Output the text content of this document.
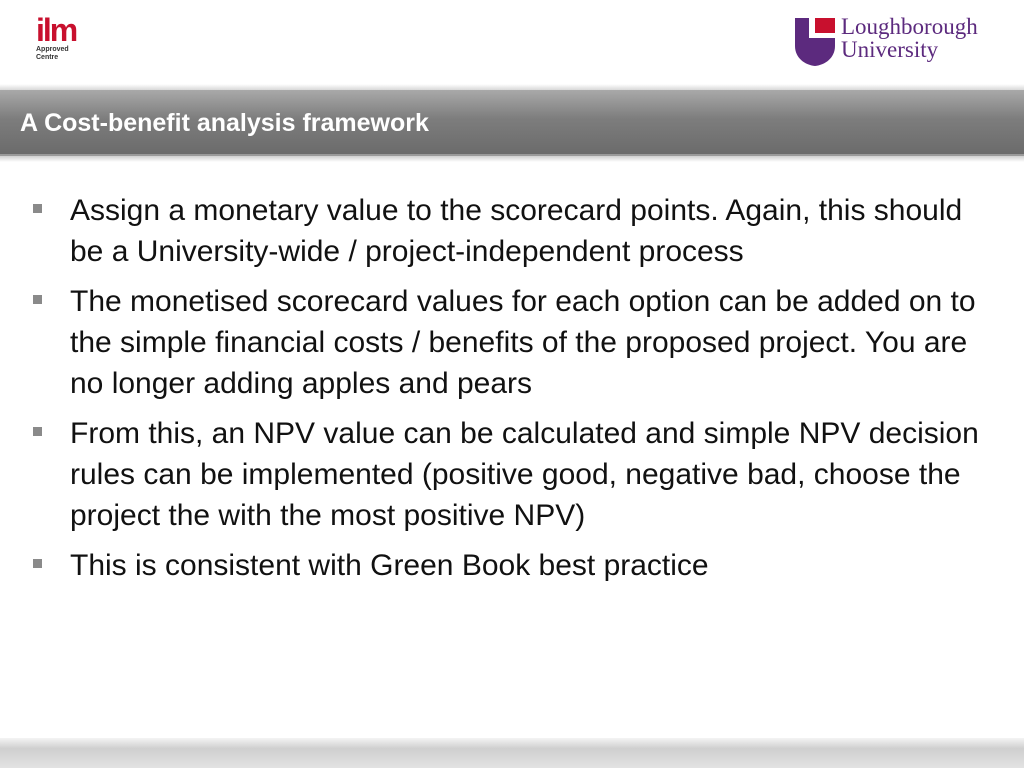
ilm
Approved
Centre
Loughborough
University
A Cost-benefit analysis framework
Assign a monetary value to the scorecard points. Again, this should be a University-wide / project-independent process
The monetised scorecard values for each option can be added on to the simple financial costs / benefits of the proposed project. You are no longer adding apples and pears
From this, an NPV value can be calculated and simple NPV decision rules can be implemented (positive good, negative bad, choose the project the with the most positive NPV)
This is consistent with Green Book best practice
